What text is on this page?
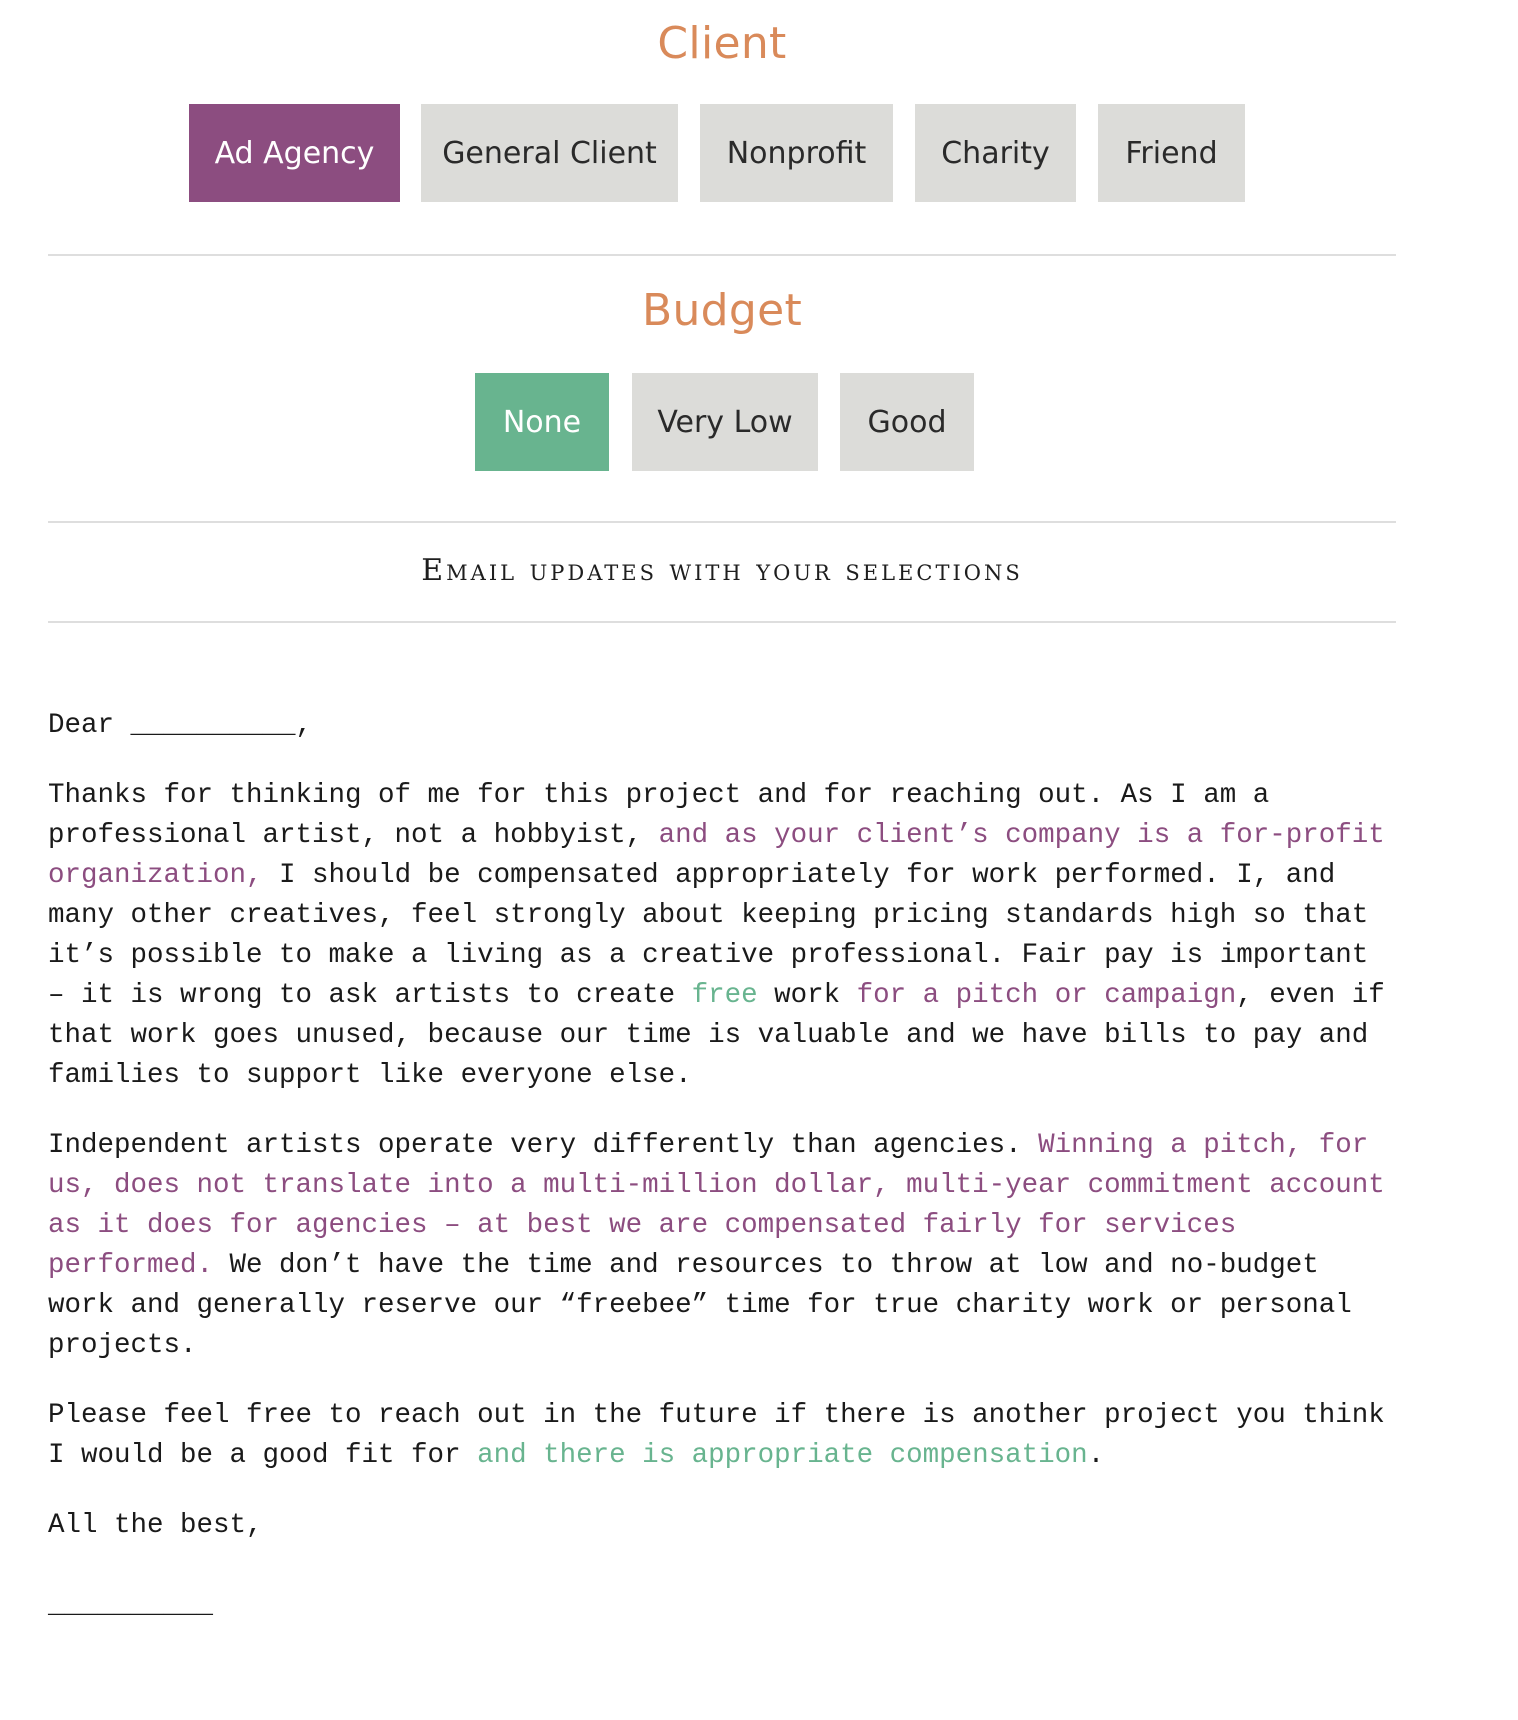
Client
Ad Agency	General Client	Nonprofit	Charity	Friend
Budget
None	Very Low	Good
Email updates with your selections

Dear __________,

Thanks for thinking of me for this project and for reaching out. As I am a professional artist, not a hobbyist, and as your client’s company is a for-profit organization, I should be compensated appropriately for work performed. I, and many other creatives, feel strongly about keeping pricing standards high so that it’s possible to make a living as a creative professional. Fair pay is important – it is wrong to ask artists to create free work for a pitch or campaign, even if that work goes unused, because our time is valuable and we have bills to pay and families to support like everyone else.

Independent artists operate very differently than agencies. Winning a pitch, for us, does not translate into a multi-million dollar, multi-year commitment account as it does for agencies – at best we are compensated fairly for services performed. We don’t have the time and resources to throw at low and no-budget work and generally reserve our “freebee” time for true charity work or personal projects.

Please feel free to reach out in the future if there is another project you think I would be a good fit for and there is appropriate compensation.

All the best,

__________
